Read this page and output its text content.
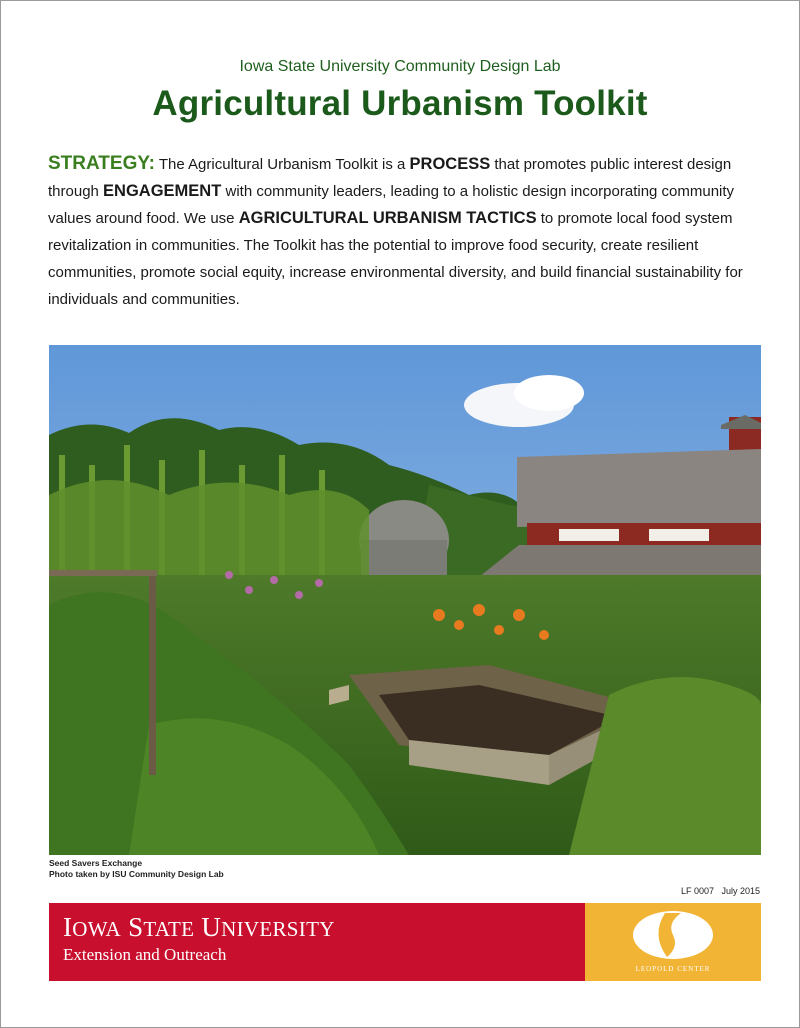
Iowa State University Community Design Lab
Agricultural Urbanism Toolkit
STRATEGY: The Agricultural Urbanism Toolkit is a PROCESS that promotes public interest design through ENGAGEMENT with community leaders, leading to a holistic design incorporating community values around food. We use AGRICULTURAL URBANISM TACTICS to promote local food system revitalization in communities. The Toolkit has the potential to improve food security, create resilient communities, promote social equity, increase environmental diversity, and build financial sustainability for individuals and communities.
Seed Savers Exchange
Photo taken by ISU Community Design Lab
LF 0007   July 2015
IOWA STATE UNIVERSITY
Extension and Outreach
LEOPOLD CENTER
